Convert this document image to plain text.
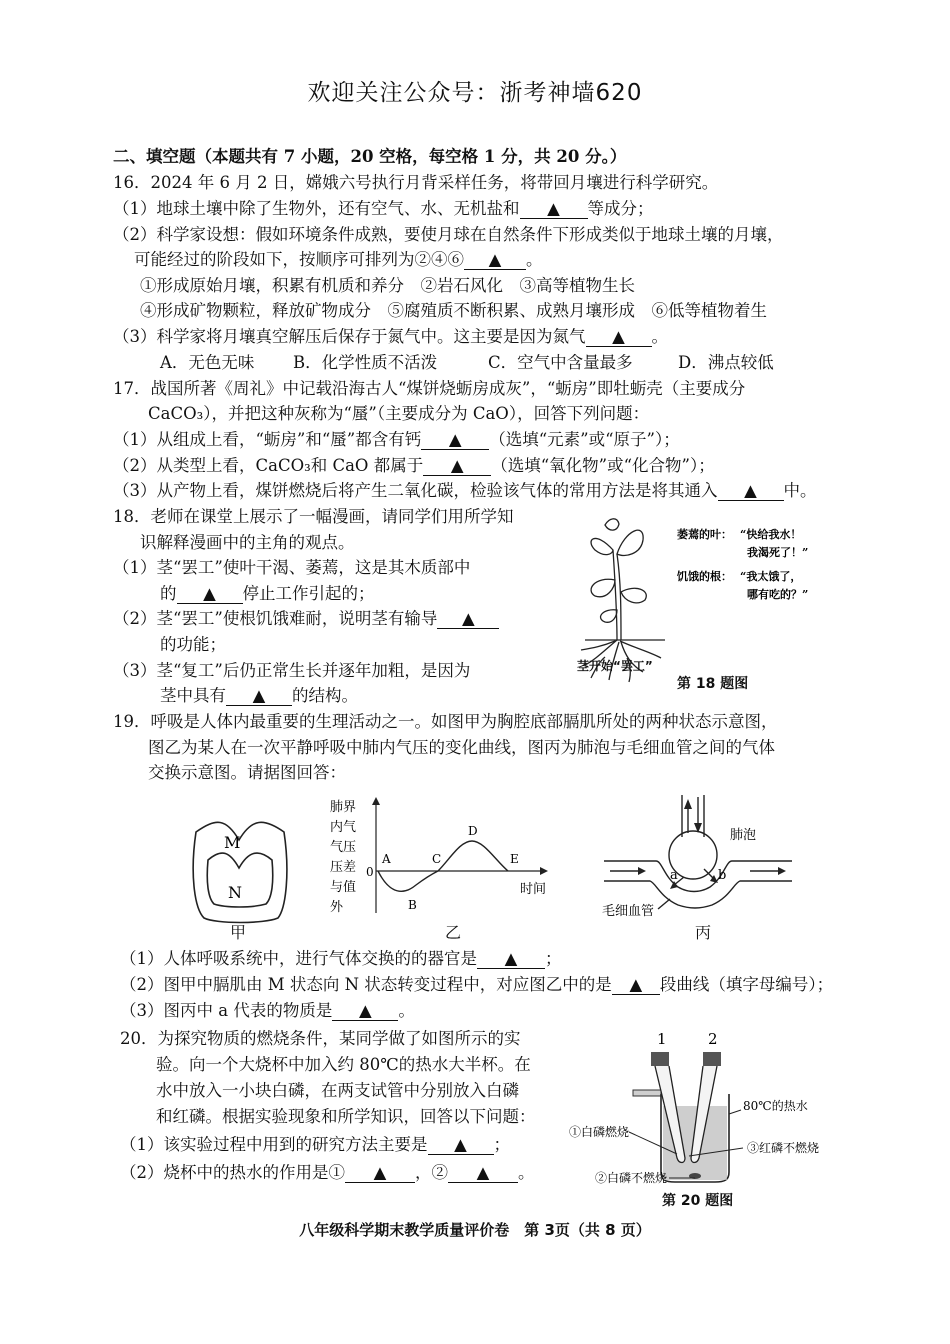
欢迎关注公众号：浙考神墙620
二、填空题（本题共有 7 小题，20 空格，每空格 1 分，共 20 分。）
16．2024 年 6 月 2 日，嫦娥六号执行月背采样任务，将带回月壤进行科学研究。
（1）地球土壤中除了生物外，还有空气、水、无机盐和 ▲ 等成分；
（2）科学家设想：假如环境条件成熟，要使月球在自然条件下形成类似于地球土壤的月壤，
可能经过的阶段如下，按顺序可排列为②④⑥ ▲ 。
①形成原始月壤，积累有机质和养分　②岩石风化　③高等植物生长
④形成矿物颗粒，释放矿物成分　⑤腐殖质不断积累、成熟月壤形成　⑥低等植物着生
（3）科学家将月壤真空解压后保存于氮气中。这主要是因为氮气 ▲ 。
A．无色无味 B．化学性质不活泼	C．空气中含量最多	D．沸点较低
17．战国所著《周礼》中记载沿海古人“煤饼烧蛎房成灰”，“蛎房”即牡蛎壳（主要成分
CaCO₃），并把这种灰称为“蜃”（主要成分为 CaO），回答下列问题：
（1）从组成上看，“蛎房”和“蜃”都含有钙 ▲ （选填“元素”或“原子”）；
（2）从类型上看，CaCO₃和 CaO 都属于 ▲ （选填“氧化物”或“化合物”）；
（3）从产物上看，煤饼燃烧后将产生二氧化碳，检验该气体的常用方法是将其通入 ▲ 中。
18．老师在课堂上展示了一幅漫画，请同学们用所学知
识解释漫画中的主角的观点。
（1）茎“罢工”使叶干渴、萎蔫，这是其木质部中
的 ▲ 停止工作引起的；
（2）茎“罢工”使根饥饿难耐，说明茎有输导 ▲
的功能；
（3）茎“复工”后仍正常生长并逐年加粗，是因为
茎中具有 ▲ 的结构。
萎蔫的叶： “快给我水！
我渴死了！”
饥饿的根： “我太饿了，
哪有吃的？”
茎开始“罢工”
第 18 题图
19．呼吸是人体内最重要的生理活动之一。如图甲为胸腔底部膈肌所处的两种状态示意图，
图乙为某人在一次平静呼吸中肺内气压的变化曲线，图丙为肺泡与毛细血管之间的气体
交换示意图。请据图回答：
M
N
甲
肺界
内气
气压
压差
与值
外
0
A
B
C
D
E
时间
乙
肺泡
a	b
毛细血管
丙
（1）人体呼吸系统中，进行气体交换的的器官是 ▲ ；
（2）图甲中膈肌由 M 状态向 N 状态转变过程中，对应图乙中的是 ▲ 段曲线（填字母编号）；
（3）图丙中 a 代表的物质是 ▲ 。
20．为探究物质的燃烧条件，某同学做了如图所示的实
验。向一个大烧杯中加入约 80℃的热水大半杯。在
水中放入一小块白磷，在两支试管中分别放入白磷
和红磷。根据实验现象和所学知识，回答以下问题：
（1）该实验过程中用到的研究方法主要是 ▲ ；
（2）烧杯中的热水的作用是① ▲ ，② ▲ 。
1	2
80℃的热水
①白磷燃烧
③红磷不燃烧
②白磷不燃烧
第 20 题图
八年级科学期末教学质量评价卷　第 3页（共 8 页）
